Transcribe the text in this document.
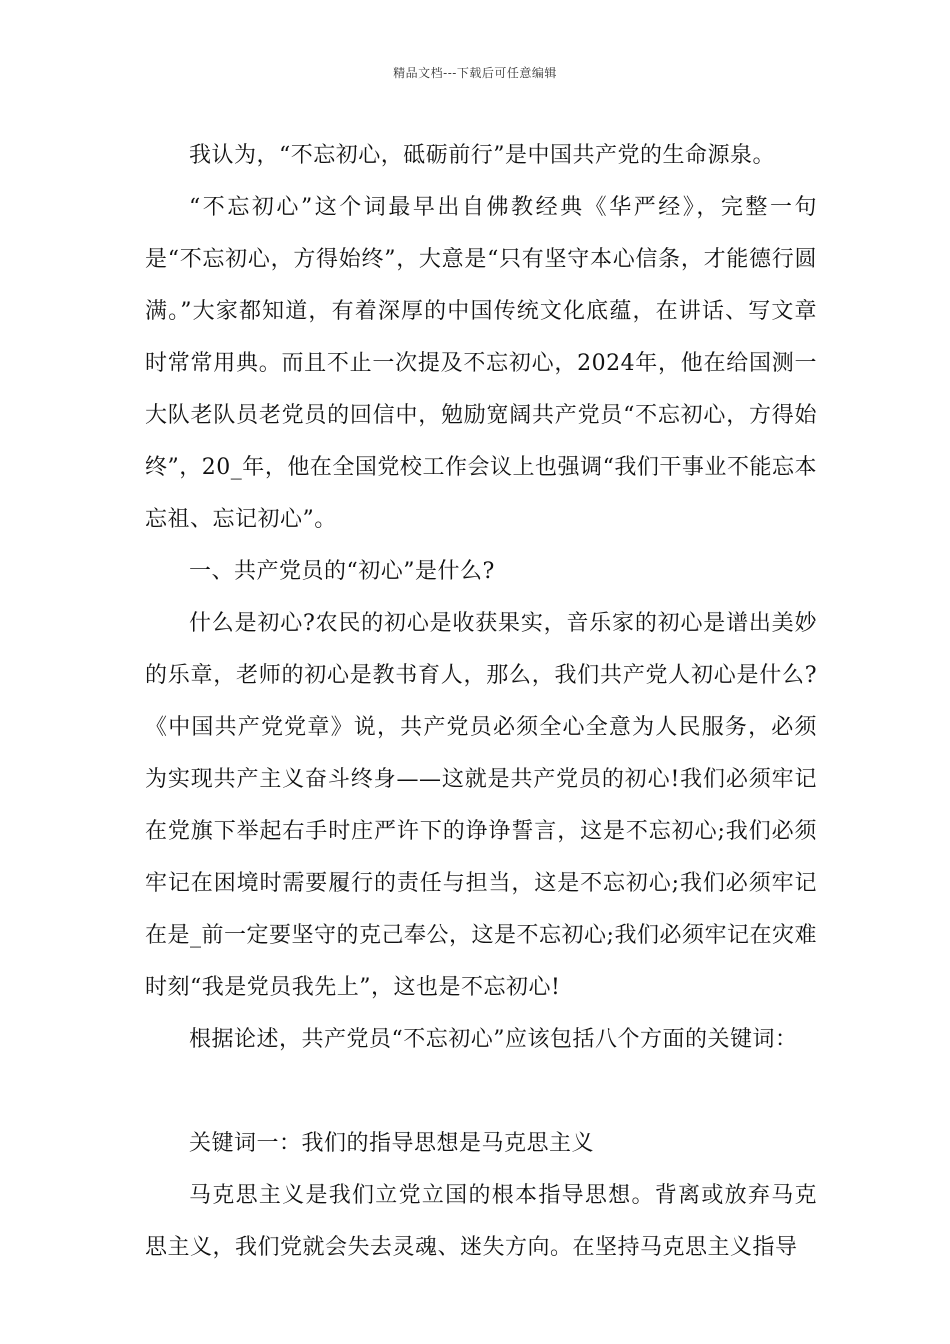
精品文档---下载后可任意编辑

我认为，“不忘初心，砥砺前行”是中国共产党的生命源泉。

“不忘初心”这个词最早出自佛教经典《华严经》，完整一句是“不忘初心，方得始终”，大意是“只有坚守本心信条，才能德行圆满。”大家都知道，有着深厚的中国传统文化底蕴，在讲话、写文章时常常用典。而且不止一次提及不忘初心，2024年，他在给国测一大队老队员老党员的回信中，勉励宽阔共产党员“不忘初心，方得始终”，20_年，他在全国党校工作会议上也强调“我们干事业不能忘本忘祖、忘记初心”。

一、共产党员的“初心”是什么?

什么是初心?农民的初心是收获果实，音乐家的初心是谱出美妙的乐章，老师的初心是教书育人，那么，我们共产党人初心是什么?《中国共产党党章》说，共产党员必须全心全意为人民服务，必须为实现共产主义奋斗终身——这就是共产党员的初心!我们必须牢记在党旗下举起右手时庄严许下的诤诤誓言，这是不忘初心;我们必须牢记在困境时需要履行的责任与担当，这是不忘初心;我们必须牢记在是_前一定要坚守的克己奉公，这是不忘初心;我们必须牢记在灾难时刻“我是党员我先上”，这也是不忘初心!

根据论述，共产党员“不忘初心”应该包括八个方面的关键词：

关键词一：我们的指导思想是马克思主义

马克思主义是我们立党立国的根本指导思想。背离或放弃马克思主义，我们党就会失去灵魂、迷失方向。在坚持马克思主义指导
